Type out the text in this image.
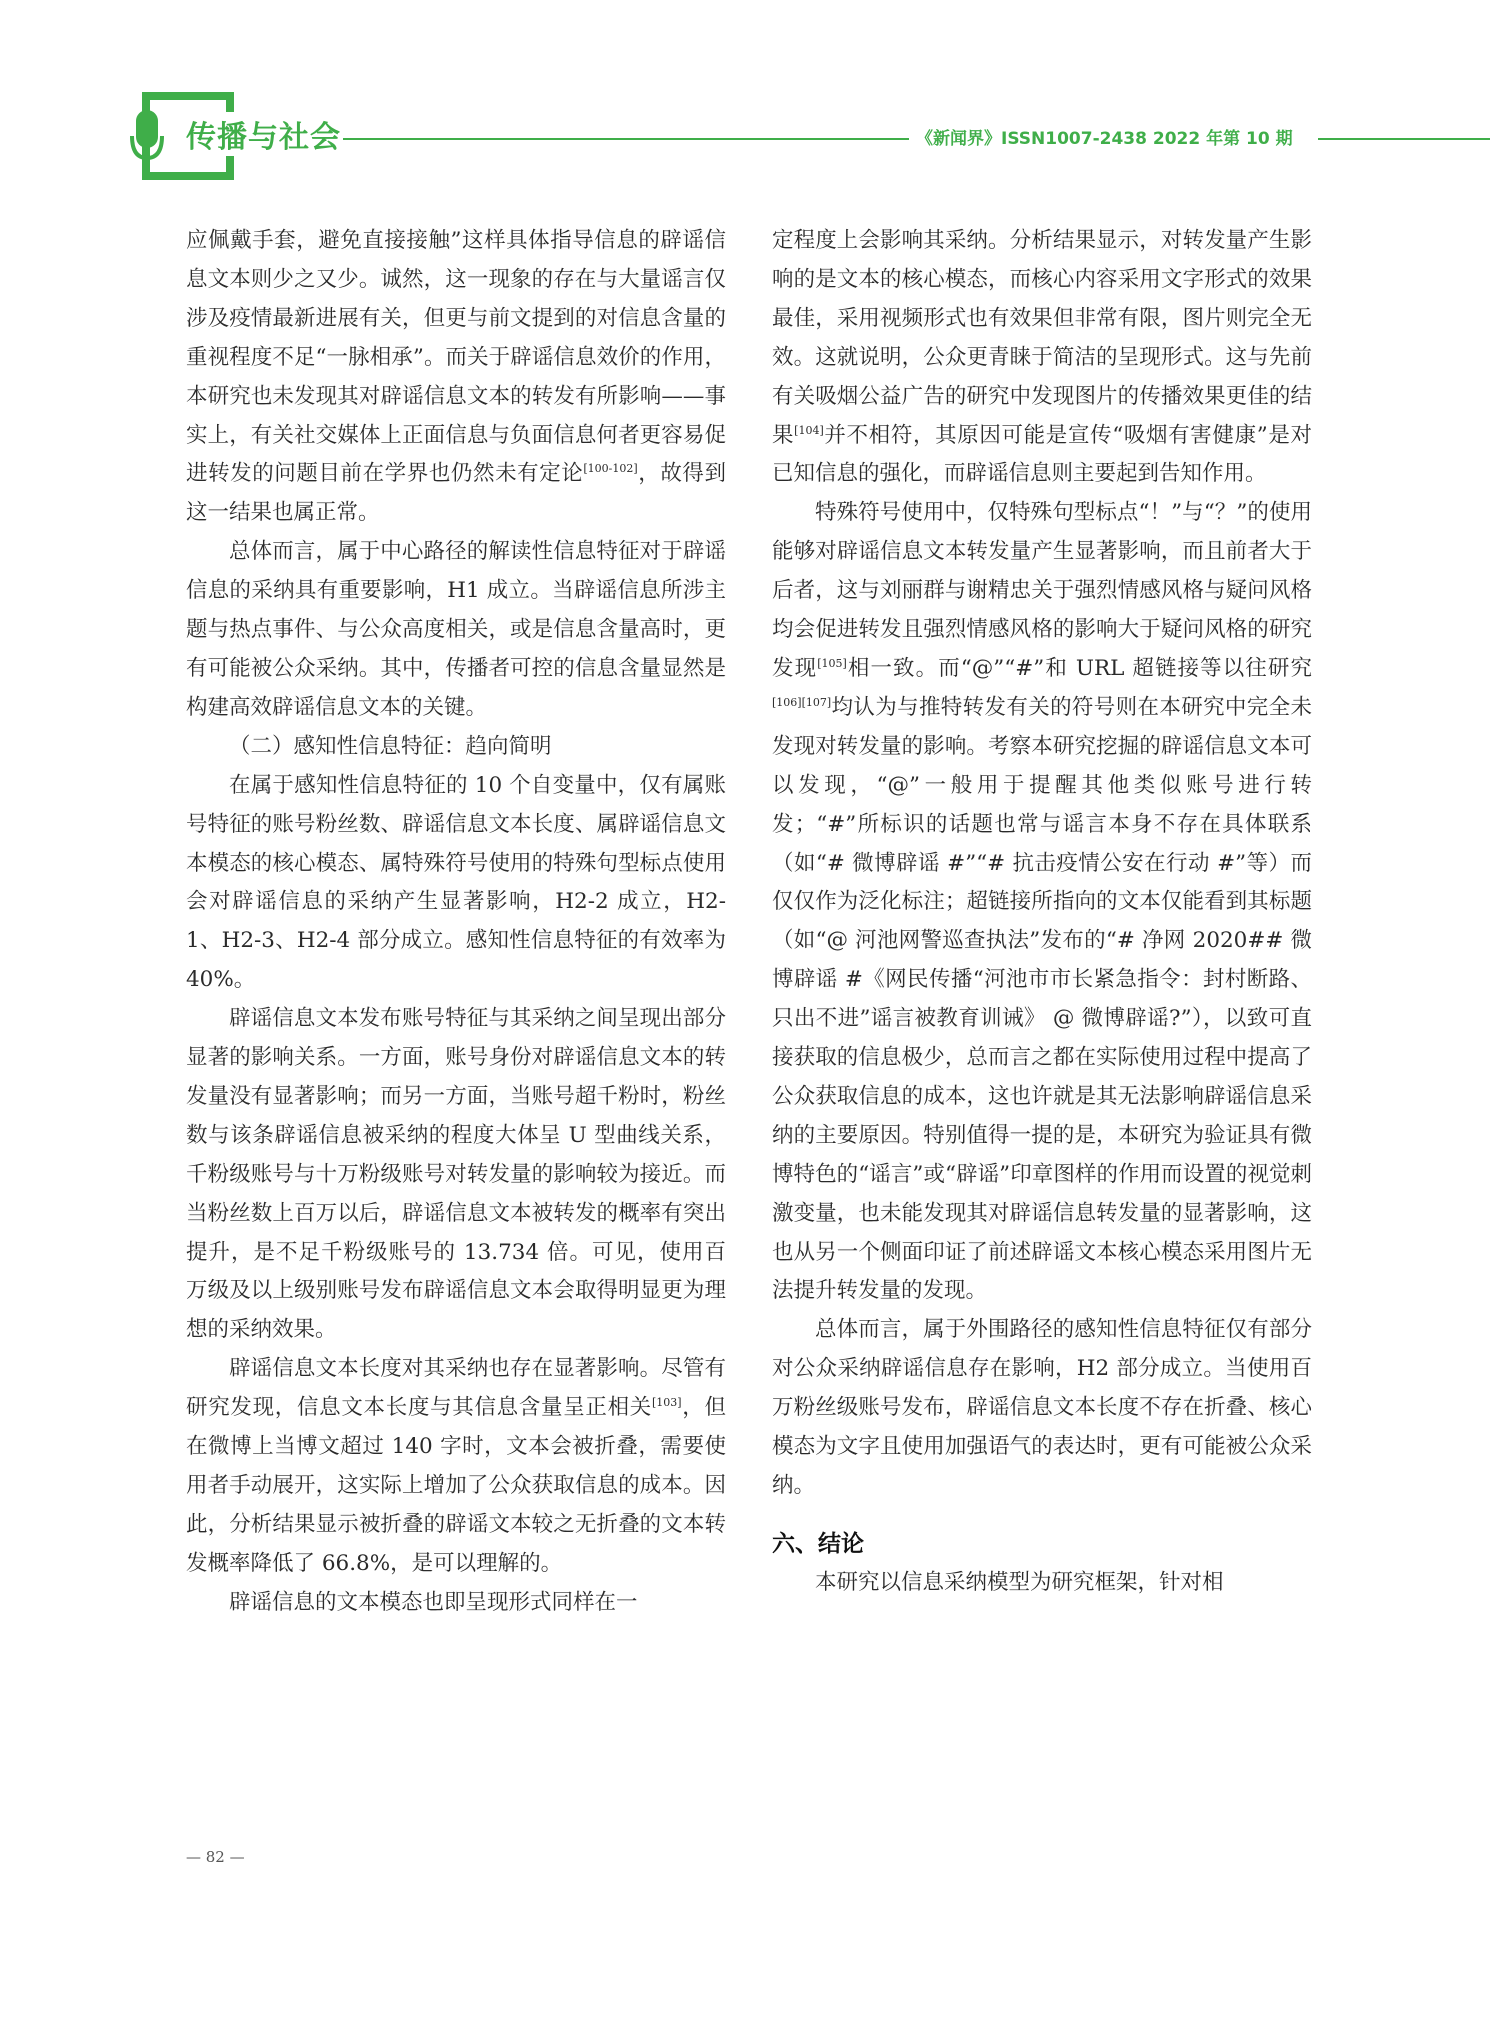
传播与社会	《新闻界》ISSN1007-2438 2022 年第 10 期

应佩戴手套，避免直接接触”这样具体指导信息的辟谣信息文本则少之又少。诚然，这一现象的存在与大量谣言仅涉及疫情最新进展有关，但更与前文提到的对信息含量的重视程度不足“一脉相承”。而关于辟谣信息效价的作用，本研究也未发现其对辟谣信息文本的转发有所影响——事实上，有关社交媒体上正面信息与负面信息何者更容易促进转发的问题目前在学界也仍然未有定论[100-102]，故得到这一结果也属正常。

总体而言，属于中心路径的解读性信息特征对于辟谣信息的采纳具有重要影响，H1 成立。当辟谣信息所涉主题与热点事件、与公众高度相关，或是信息含量高时，更有可能被公众采纳。其中，传播者可控的信息含量显然是构建高效辟谣信息文本的关键。

（二）感知性信息特征：趋向简明

在属于感知性信息特征的 10 个自变量中，仅有属账号特征的账号粉丝数、辟谣信息文本长度、属辟谣信息文本模态的核心模态、属特殊符号使用的特殊句型标点使用会对辟谣信息的采纳产生显著影响，H2-2 成立，H2-1、H2-3、H2-4 部分成立。感知性信息特征的有效率为40%。

辟谣信息文本发布账号特征与其采纳之间呈现出部分显著的影响关系。一方面，账号身份对辟谣信息文本的转发量没有显著影响；而另一方面，当账号超千粉时，粉丝数与该条辟谣信息被采纳的程度大体呈 U 型曲线关系，千粉级账号与十万粉级账号对转发量的影响较为接近。而当粉丝数上百万以后，辟谣信息文本被转发的概率有突出提升，是不足千粉级账号的 13.734 倍。可见，使用百万级及以上级别账号发布辟谣信息文本会取得明显更为理想的采纳效果。

辟谣信息文本长度对其采纳也存在显著影响。尽管有研究发现，信息文本长度与其信息含量呈正相关[103]，但在微博上当博文超过 140 字时，文本会被折叠，需要使用者手动展开，这实际上增加了公众获取信息的成本。因此，分析结果显示被折叠的辟谣文本较之无折叠的文本转发概率降低了 66.8%，是可以理解的。

辟谣信息的文本模态也即呈现形式同样在一

定程度上会影响其采纳。分析结果显示，对转发量产生影响的是文本的核心模态，而核心内容采用文字形式的效果最佳，采用视频形式也有效果但非常有限，图片则完全无效。这就说明，公众更青睐于简洁的呈现形式。这与先前有关吸烟公益广告的研究中发现图片的传播效果更佳的结果[104]并不相符，其原因可能是宣传“吸烟有害健康”是对已知信息的强化，而辟谣信息则主要起到告知作用。

特殊符号使用中，仅特殊句型标点“！”与“？”的使用能够对辟谣信息文本转发量产生显著影响，而且前者大于后者，这与刘丽群与谢精忠关于强烈情感风格与疑问风格均会促进转发且强烈情感风格的影响大于疑问风格的研究发现[105]相一致。而“@”“#”和 URL 超链接等以往研究[106][107]均认为与推特转发有关的符号则在本研究中完全未发现对转发量的影响。考察本研究挖掘的辟谣信息文本可以发现，“@”一般用于提醒其他类似账号进行转发；“#”所标识的话题也常与谣言本身不存在具体联系（如“# 微博辟谣 #”“# 抗击疫情公安在行动 #”等）而仅仅作为泛化标注；超链接所指向的文本仅能看到其标题（如“@ 河池网警巡查执法”发布的“# 净网 2020## 微博辟谣 #《网民传播“河池市市长紧急指令：封村断路、只出不进”谣言被教育训诫》 @ 微博辟谣?”），以致可直接获取的信息极少，总而言之都在实际使用过程中提高了公众获取信息的成本，这也许就是其无法影响辟谣信息采纳的主要原因。特别值得一提的是，本研究为验证具有微博特色的“谣言”或“辟谣”印章图样的作用而设置的视觉刺激变量，也未能发现其对辟谣信息转发量的显著影响，这也从另一个侧面印证了前述辟谣文本核心模态采用图片无法提升转发量的发现。

总体而言，属于外围路径的感知性信息特征仅有部分对公众采纳辟谣信息存在影响，H2 部分成立。当使用百万粉丝级账号发布，辟谣信息文本长度不存在折叠、核心模态为文字且使用加强语气的表达时，更有可能被公众采纳。

六、结论

本研究以信息采纳模型为研究框架，针对相

— 82 —
